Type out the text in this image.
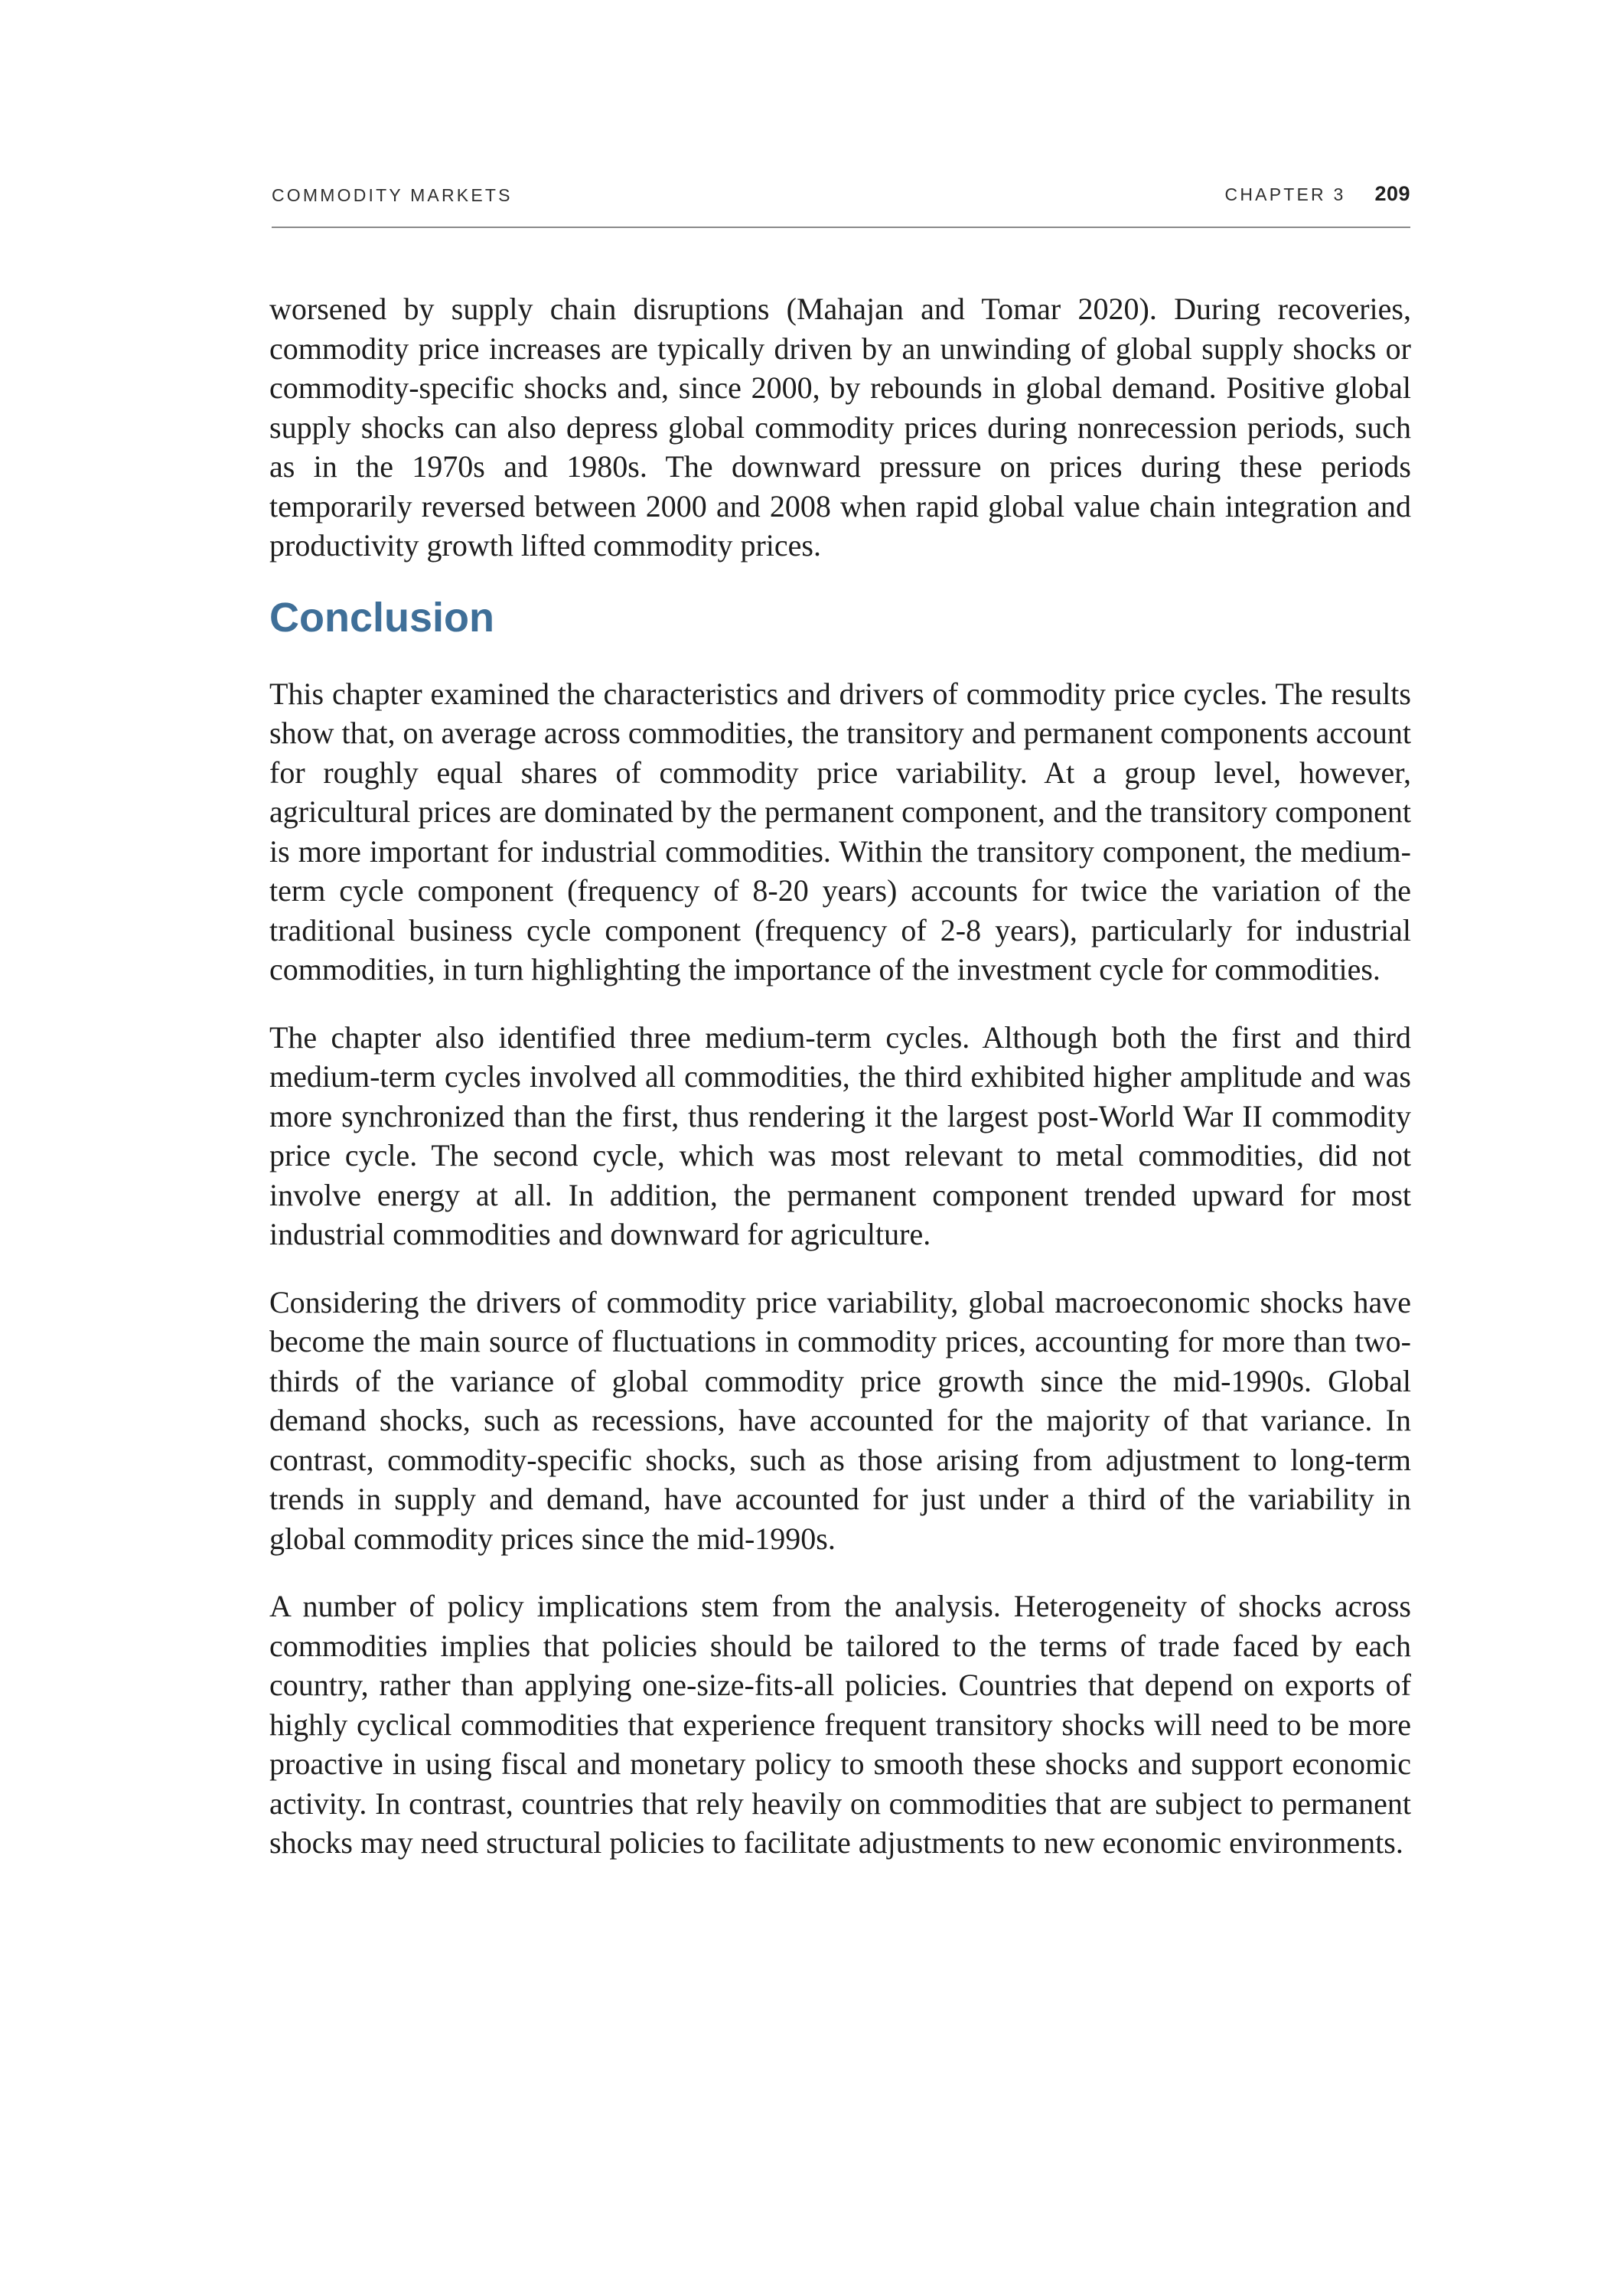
COMMODITY MARKETS	CHAPTER 3 209

worsened by supply chain disruptions (Mahajan and Tomar 2020). During recoveries, commodity price increases are typically driven by an unwinding of global supply shocks or commodity-specific shocks and, since 2000, by rebounds in global demand. Positive global supply shocks can also depress global commodity prices during nonrecession periods, such as in the 1970s and 1980s. The downward pressure on prices during these periods temporarily reversed between 2000 and 2008 when rapid global value chain integration and productivity growth lifted commodity prices.

Conclusion

This chapter examined the characteristics and drivers of commodity price cycles. The results show that, on average across commodities, the transitory and permanent components account for roughly equal shares of commodity price variability. At a group level, however, agricultural prices are dominated by the permanent component, and the transitory component is more important for industrial commodities. Within the transitory component, the medium-term cycle component (frequency of 8-20 years) accounts for twice the variation of the traditional business cycle component (frequency of 2-8 years), particularly for industrial commodities, in turn highlighting the importance of the investment cycle for commodities.

The chapter also identified three medium-term cycles. Although both the first and third medium-term cycles involved all commodities, the third exhibited higher amplitude and was more synchronized than the first, thus rendering it the largest post-World War II commodity price cycle. The second cycle, which was most relevant to metal commodities, did not involve energy at all. In addition, the permanent component trended upward for most industrial commodities and downward for agriculture.

Considering the drivers of commodity price variability, global macroeconomic shocks have become the main source of fluctuations in commodity prices, accounting for more than two-thirds of the variance of global commodity price growth since the mid-1990s. Global demand shocks, such as recessions, have accounted for the majority of that variance. In contrast, commodity-specific shocks, such as those arising from adjustment to long-term trends in supply and demand, have accounted for just under a third of the variability in global commodity prices since the mid-1990s.

A number of policy implications stem from the analysis. Heterogeneity of shocks across commodities implies that policies should be tailored to the terms of trade faced by each country, rather than applying one-size-fits-all policies. Countries that depend on exports of highly cyclical commodities that experience frequent transitory shocks will need to be more proactive in using fiscal and monetary policy to smooth these shocks and support economic activity. In contrast, countries that rely heavily on commodities that are subject to permanent shocks may need structural policies to facilitate adjustments to new economic environments.
